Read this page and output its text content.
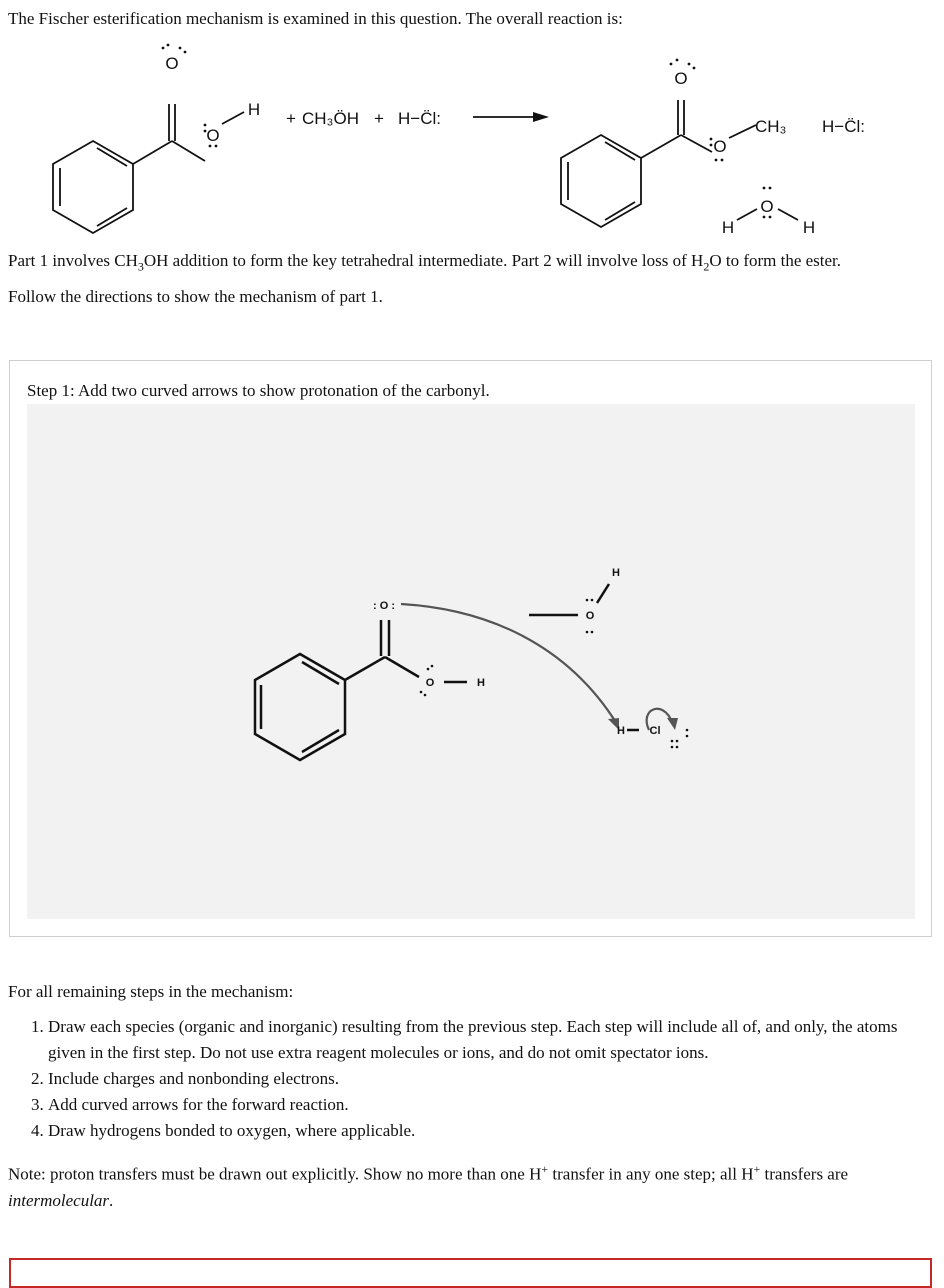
The Fischer esterification mechanism is examined in this question. The overall reaction is:
O
O
H + CH₃ÖH + H−C̈l:
O
O
CH₃ H−C̈l:
H
O
H
Part 1 involves $CH_3OH$ addition to form the key tetrahedral intermediate. Part 2 will involve loss of $H_2O$ to form the ester.
Follow the directions to show the mechanism of part 1.
Step 1: Add two curved arrows to show protonation of the carbonyl.
: O :
O	H
O
H
H Cl
For all remaining steps in the mechanism:
1. Draw each species (organic and inorganic) resulting from the previous step. Each step will include all of, and only, the atoms given in the first step. Do not use extra reagent molecules or ions, and do not omit spectator ions.
2. Include charges and nonbonding electrons.
3. Add curved arrows for the forward reaction.
4. Draw hydrogens bonded to oxygen, where applicable.
Note: proton transfers must be drawn out explicitly. Show no more than one H+ transfer in any one step; all H+ transfers are intermolecular.
